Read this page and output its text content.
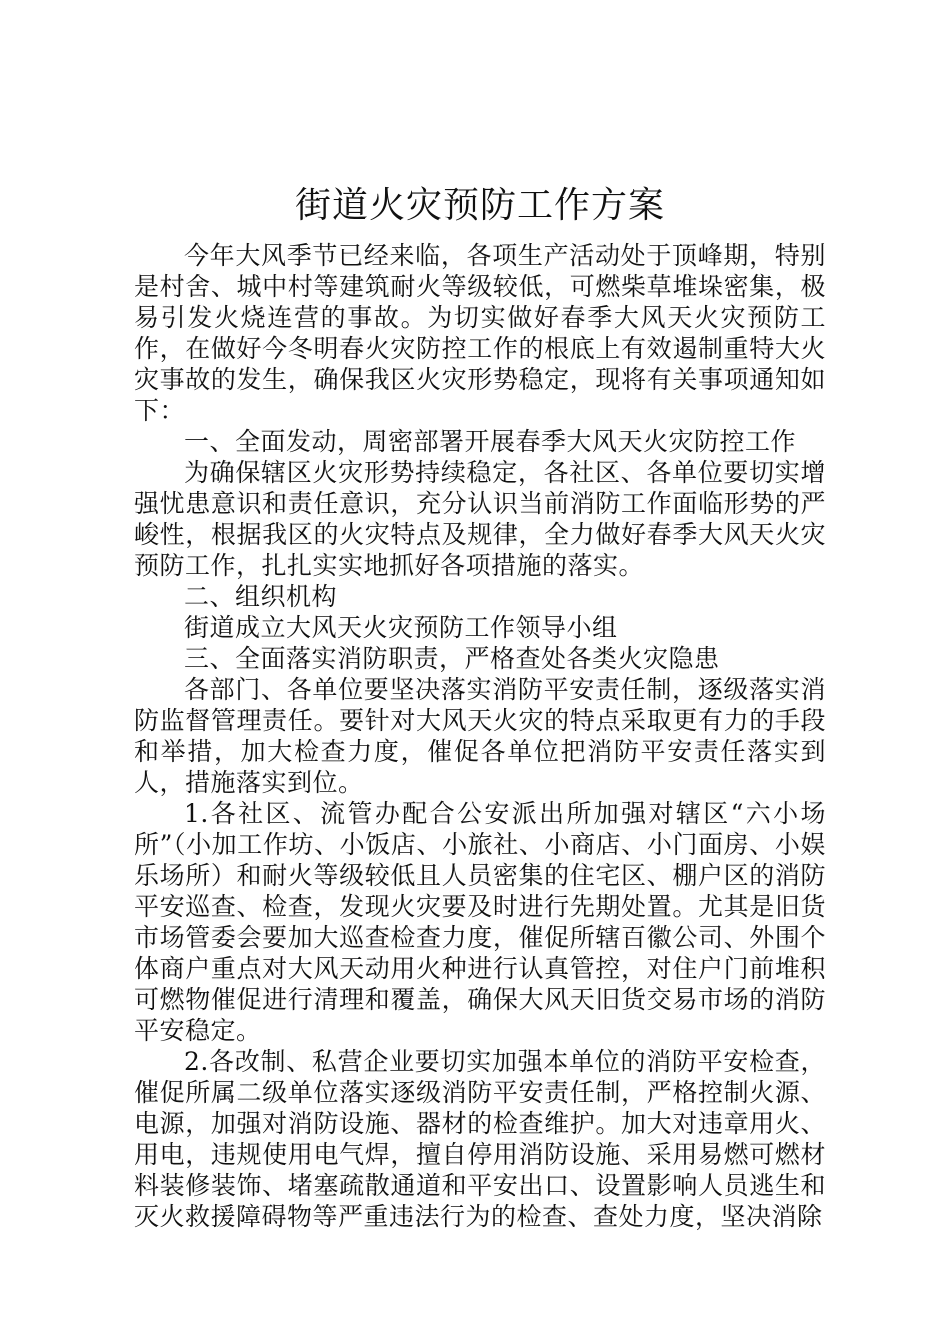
街道火灾预防工作方案

今年大风季节已经来临，各项生产活动处于顶峰期，特别是村舍、城中村等建筑耐火等级较低，可燃柴草堆垛密集，极易引发火烧连营的事故。为切实做好春季大风天火灾预防工作，在做好今冬明春火灾防控工作的根底上有效遏制重特大火灾事故的发生，确保我区火灾形势稳定，现将有关事项通知如下：

一、全面发动，周密部署开展春季大风天火灾防控工作

为确保辖区火灾形势持续稳定，各社区、各单位要切实增强忧患意识和责任意识，充分认识当前消防工作面临形势的严峻性，根据我区的火灾特点及规律，全力做好春季大风天火灾预防工作，扎扎实实地抓好各项措施的落实。

二、组织机构

街道成立大风天火灾预防工作领导小组

三、全面落实消防职责，严格查处各类火灾隐患

各部门、各单位要坚决落实消防平安责任制，逐级落实消防监督管理责任。要针对大风天火灾的特点采取更有力的手段和举措，加大检查力度，催促各单位把消防平安责任落实到人，措施落实到位。

1.各社区、流管办配合公安派出所加强对辖区“六小场所”（小加工作坊、小饭店、小旅社、小商店、小门面房、小娱乐场所）和耐火等级较低且人员密集的住宅区、棚户区的消防平安巡查、检查，发现火灾要及时进行先期处置。尤其是旧货市场管委会要加大巡查检查力度，催促所辖百徽公司、外围个体商户重点对大风天动用火种进行认真管控，对住户门前堆积可燃物催促进行清理和覆盖，确保大风天旧货交易市场的消防平安稳定。

2.各改制、私营企业要切实加强本单位的消防平安检查，催促所属二级单位落实逐级消防平安责任制，严格控制火源、电源，加强对消防设施、器材的检查维护。加大对违章用火、用电，违规使用电气焊，擅自停用消防设施、采用易燃可燃材料装修装饰、堵塞疏散通道和平安出口、设置影响人员逃生和灭火救援障碍物等严重违法行为的检查、查处力度，坚决消除
